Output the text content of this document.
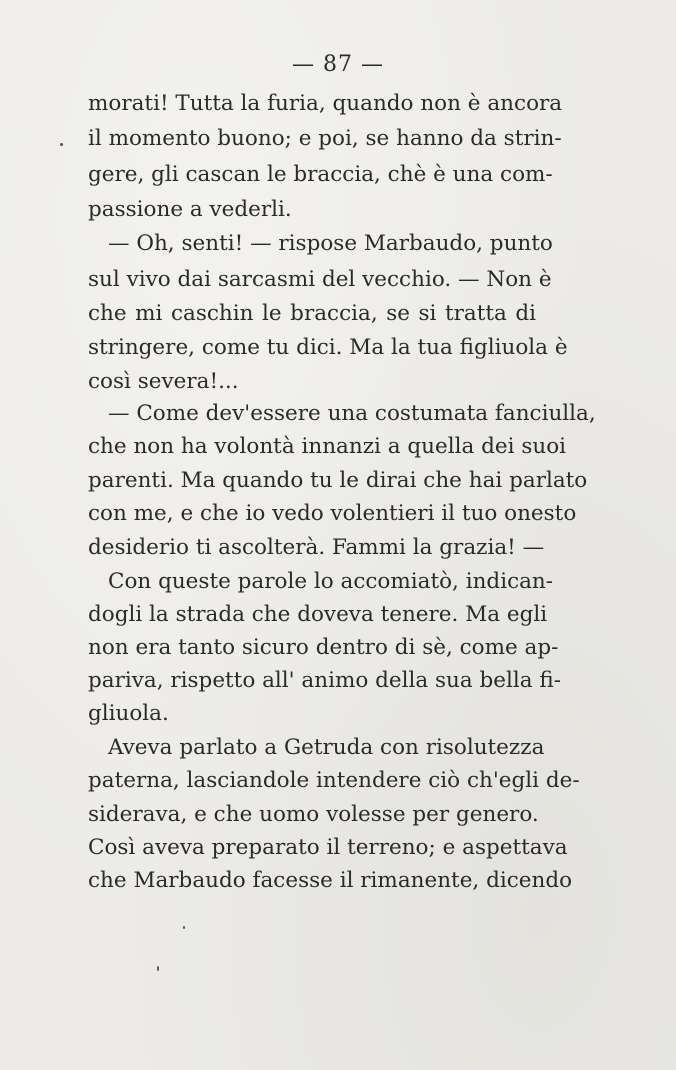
— 87 —
morati! Tutta la furia, quando non è ancora
il momento buono; e poi, se hanno da strin-
gere, gli cascan le braccia, chè è una com-
passione a vederli.
— Oh, senti! — rispose Marbaudo, punto
sul vivo dai sarcasmi del vecchio. — Non è
che mi caschin le braccia, se si tratta di
stringere, come tu dici. Ma la tua figliuola è
così severa!...
— Come dev'essere una costumata fanciulla,
che non ha volontà innanzi a quella dei suoi
parenti. Ma quando tu le dirai che hai parlato
con me, e che io vedo volentieri il tuo onesto
desiderio ti ascolterà. Fammi la grazia! —
Con queste parole lo accomiatò, indican-
dogli la strada che doveva tenere. Ma egli
non era tanto sicuro dentro di sè, come ap-
pariva, rispetto all' animo della sua bella fi-
gliuola.
Aveva parlato a Getruda con risolutezza
paterna, lasciandole intendere ciò ch'egli de-
siderava, e che uomo volesse per genero.
Così aveva preparato il terreno; e aspettava
che Marbaudo facesse il rimanente, dicendo
